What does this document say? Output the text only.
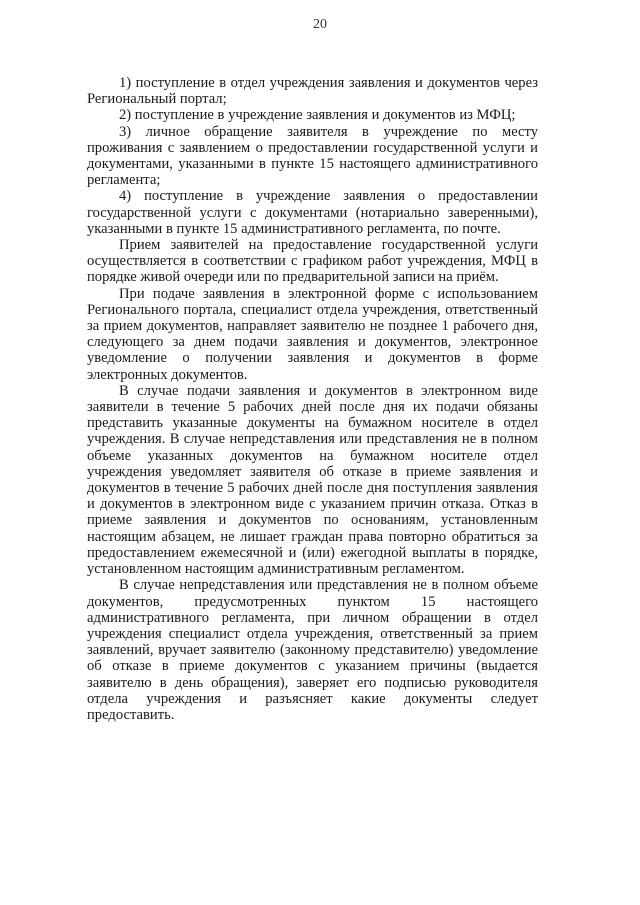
20

1) поступление в отдел учреждения заявления и документов через Региональный портал;

2) поступление в учреждение заявления и документов из МФЦ;

3) личное обращение заявителя в учреждение по месту проживания с заявлением о предоставлении государственной услуги и документами, указанными в пункте 15 настоящего административного регламента;

4) поступление в учреждение заявления о предоставлении государственной услуги с документами (нотариально заверенными), указанными в пункте 15 административного регламента, по почте.

Прием заявителей на предоставление государственной услуги осуществляется в соответствии с графиком работ учреждения, МФЦ в порядке живой очереди или по предварительной записи на приём.

При подаче заявления в электронной форме с использованием Регионального портала, специалист отдела учреждения, ответственный за прием документов, направляет заявителю не позднее 1 рабочего дня, следующего за днем подачи заявления и документов, электронное уведомление о получении заявления и документов в форме электронных документов.

В случае подачи заявления и документов в электронном виде заявители в течение 5 рабочих дней после дня их подачи обязаны представить указанные документы на бумажном носителе в отдел учреждения. В случае непредставления или представления не в полном объеме указанных документов на бумажном носителе отдел учреждения уведомляет заявителя об отказе в приеме заявления и документов в течение 5 рабочих дней после дня поступления заявления и документов в электронном виде с указанием причин отказа. Отказ в приеме заявления и документов по основаниям, установленным настоящим абзацем, не лишает граждан права повторно обратиться за предоставлением ежемесячной и (или) ежегодной выплаты в порядке, установленном настоящим административным регламентом.

В случае непредставления или представления не в полном объеме документов, предусмотренных пунктом 15 настоящего административного регламента, при личном обращении в отдел учреждения специалист отдела учреждения, ответственный за прием заявлений, вручает заявителю (законному представителю) уведомление об отказе в приеме документов с указанием причины (выдается заявителю в день обращения), заверяет его подписью руководителя отдела учреждения и разъясняет какие документы следует предоставить.
